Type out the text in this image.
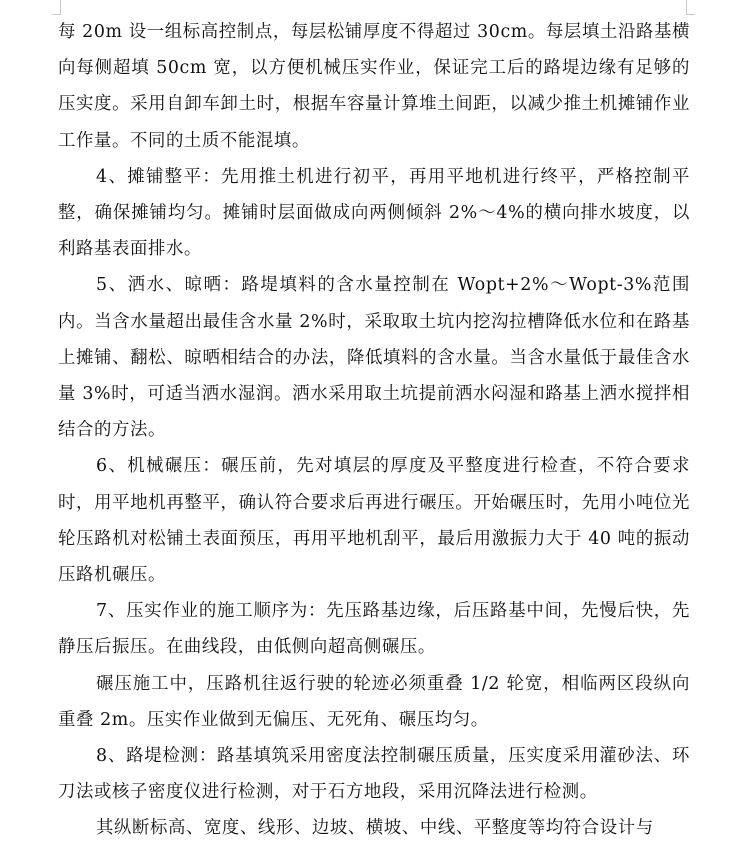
每 20m 设一组标高控制点，每层松铺厚度不得超过 30cm。每层填土沿路基横向每侧超填 50cm 宽，以方便机械压实作业，保证完工后的路堤边缘有足够的压实度。采用自卸车卸土时，根据车容量计算堆土间距，以减少推土机摊铺作业工作量。不同的土质不能混填。

4、摊铺整平：先用推土机进行初平，再用平地机进行终平，严格控制平整，确保摊铺均匀。摊铺时层面做成向两侧倾斜 2%～4%的横向排水坡度，以利路基表面排水。

5、洒水、晾晒：路堤填料的含水量控制在 Wopt+2%～Wopt-3%范围内。当含水量超出最佳含水量 2%时，采取取土坑内挖沟拉槽降低水位和在路基上摊铺、翻松、晾晒相结合的办法，降低填料的含水量。当含水量低于最佳含水量 3%时，可适当洒水湿润。洒水采用取土坑提前洒水闷湿和路基上洒水搅拌相结合的方法。

6、机械碾压：碾压前，先对填层的厚度及平整度进行检查，不符合要求时，用平地机再整平，确认符合要求后再进行碾压。开始碾压时，先用小吨位光轮压路机对松铺土表面预压，再用平地机刮平，最后用激振力大于 40 吨的振动压路机碾压。

7、压实作业的施工顺序为：先压路基边缘，后压路基中间，先慢后快，先静压后振压。在曲线段，由低侧向超高侧碾压。

碾压施工中，压路机往返行驶的轮迹必须重叠 1/2 轮宽，相临两区段纵向重叠 2m。压实作业做到无偏压、无死角、碾压均匀。

8、路堤检测：路基填筑采用密度法控制碾压质量，压实度采用灌砂法、环刀法或核子密度仪进行检测，对于石方地段，采用沉降法进行检测。

其纵断标高、宽度、线形、边坡、横坡、中线、平整度等均符合设计与
